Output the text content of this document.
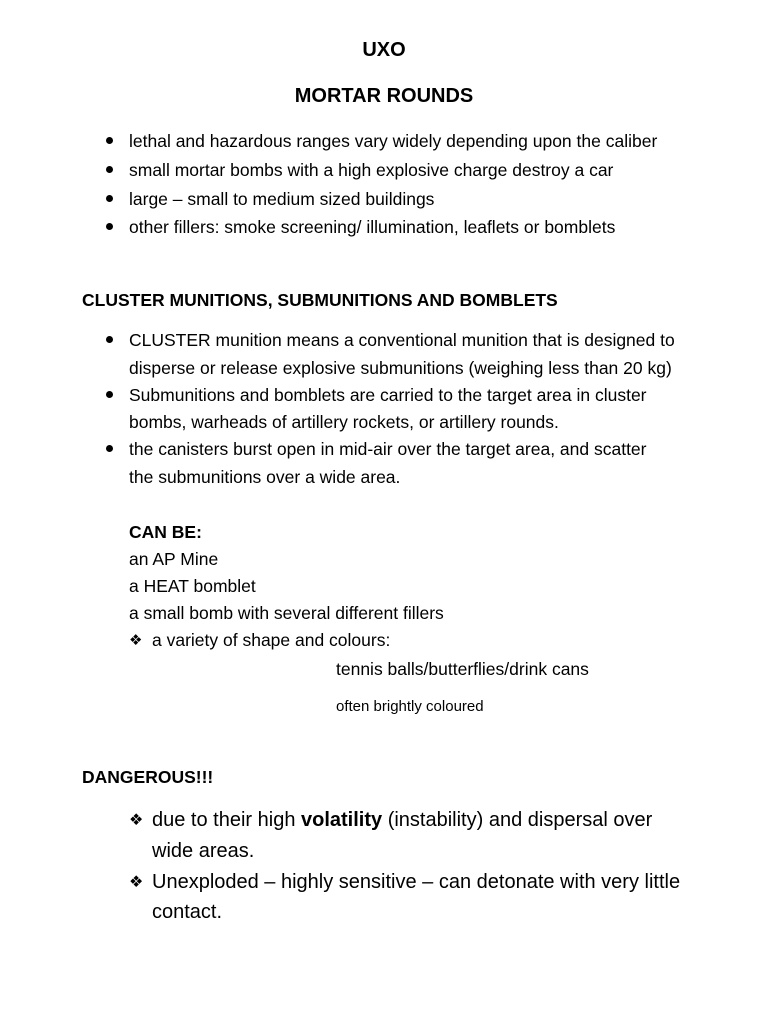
UXO
MORTAR ROUNDS
lethal and hazardous ranges vary widely depending upon the caliber
small mortar bombs with a high explosive charge destroy a car
large – small to medium sized buildings
other fillers: smoke screening/ illumination, leaflets or bomblets
CLUSTER MUNITIONS, SUBMUNITIONS AND BOMBLETS
CLUSTER munition means a conventional munition that is designed to
disperse or release explosive submunitions (weighing less than 20 kg)
Submunitions and bomblets are carried to the target area in cluster
bombs, warheads of artillery rockets, or artillery rounds.
the canisters burst open in mid-air over the target area, and scatter
the submunitions over a wide area.
CAN BE:
an AP Mine
a HEAT bomblet
a small bomb with several different fillers
❖ a variety of shape and colours:
tennis balls/butterflies/drink cans
often brightly coloured
DANGEROUS!!!
❖ due to their high volatility (instability) and dispersal over
wide areas.
❖ Unexploded – highly sensitive – can detonate with very little
contact.
